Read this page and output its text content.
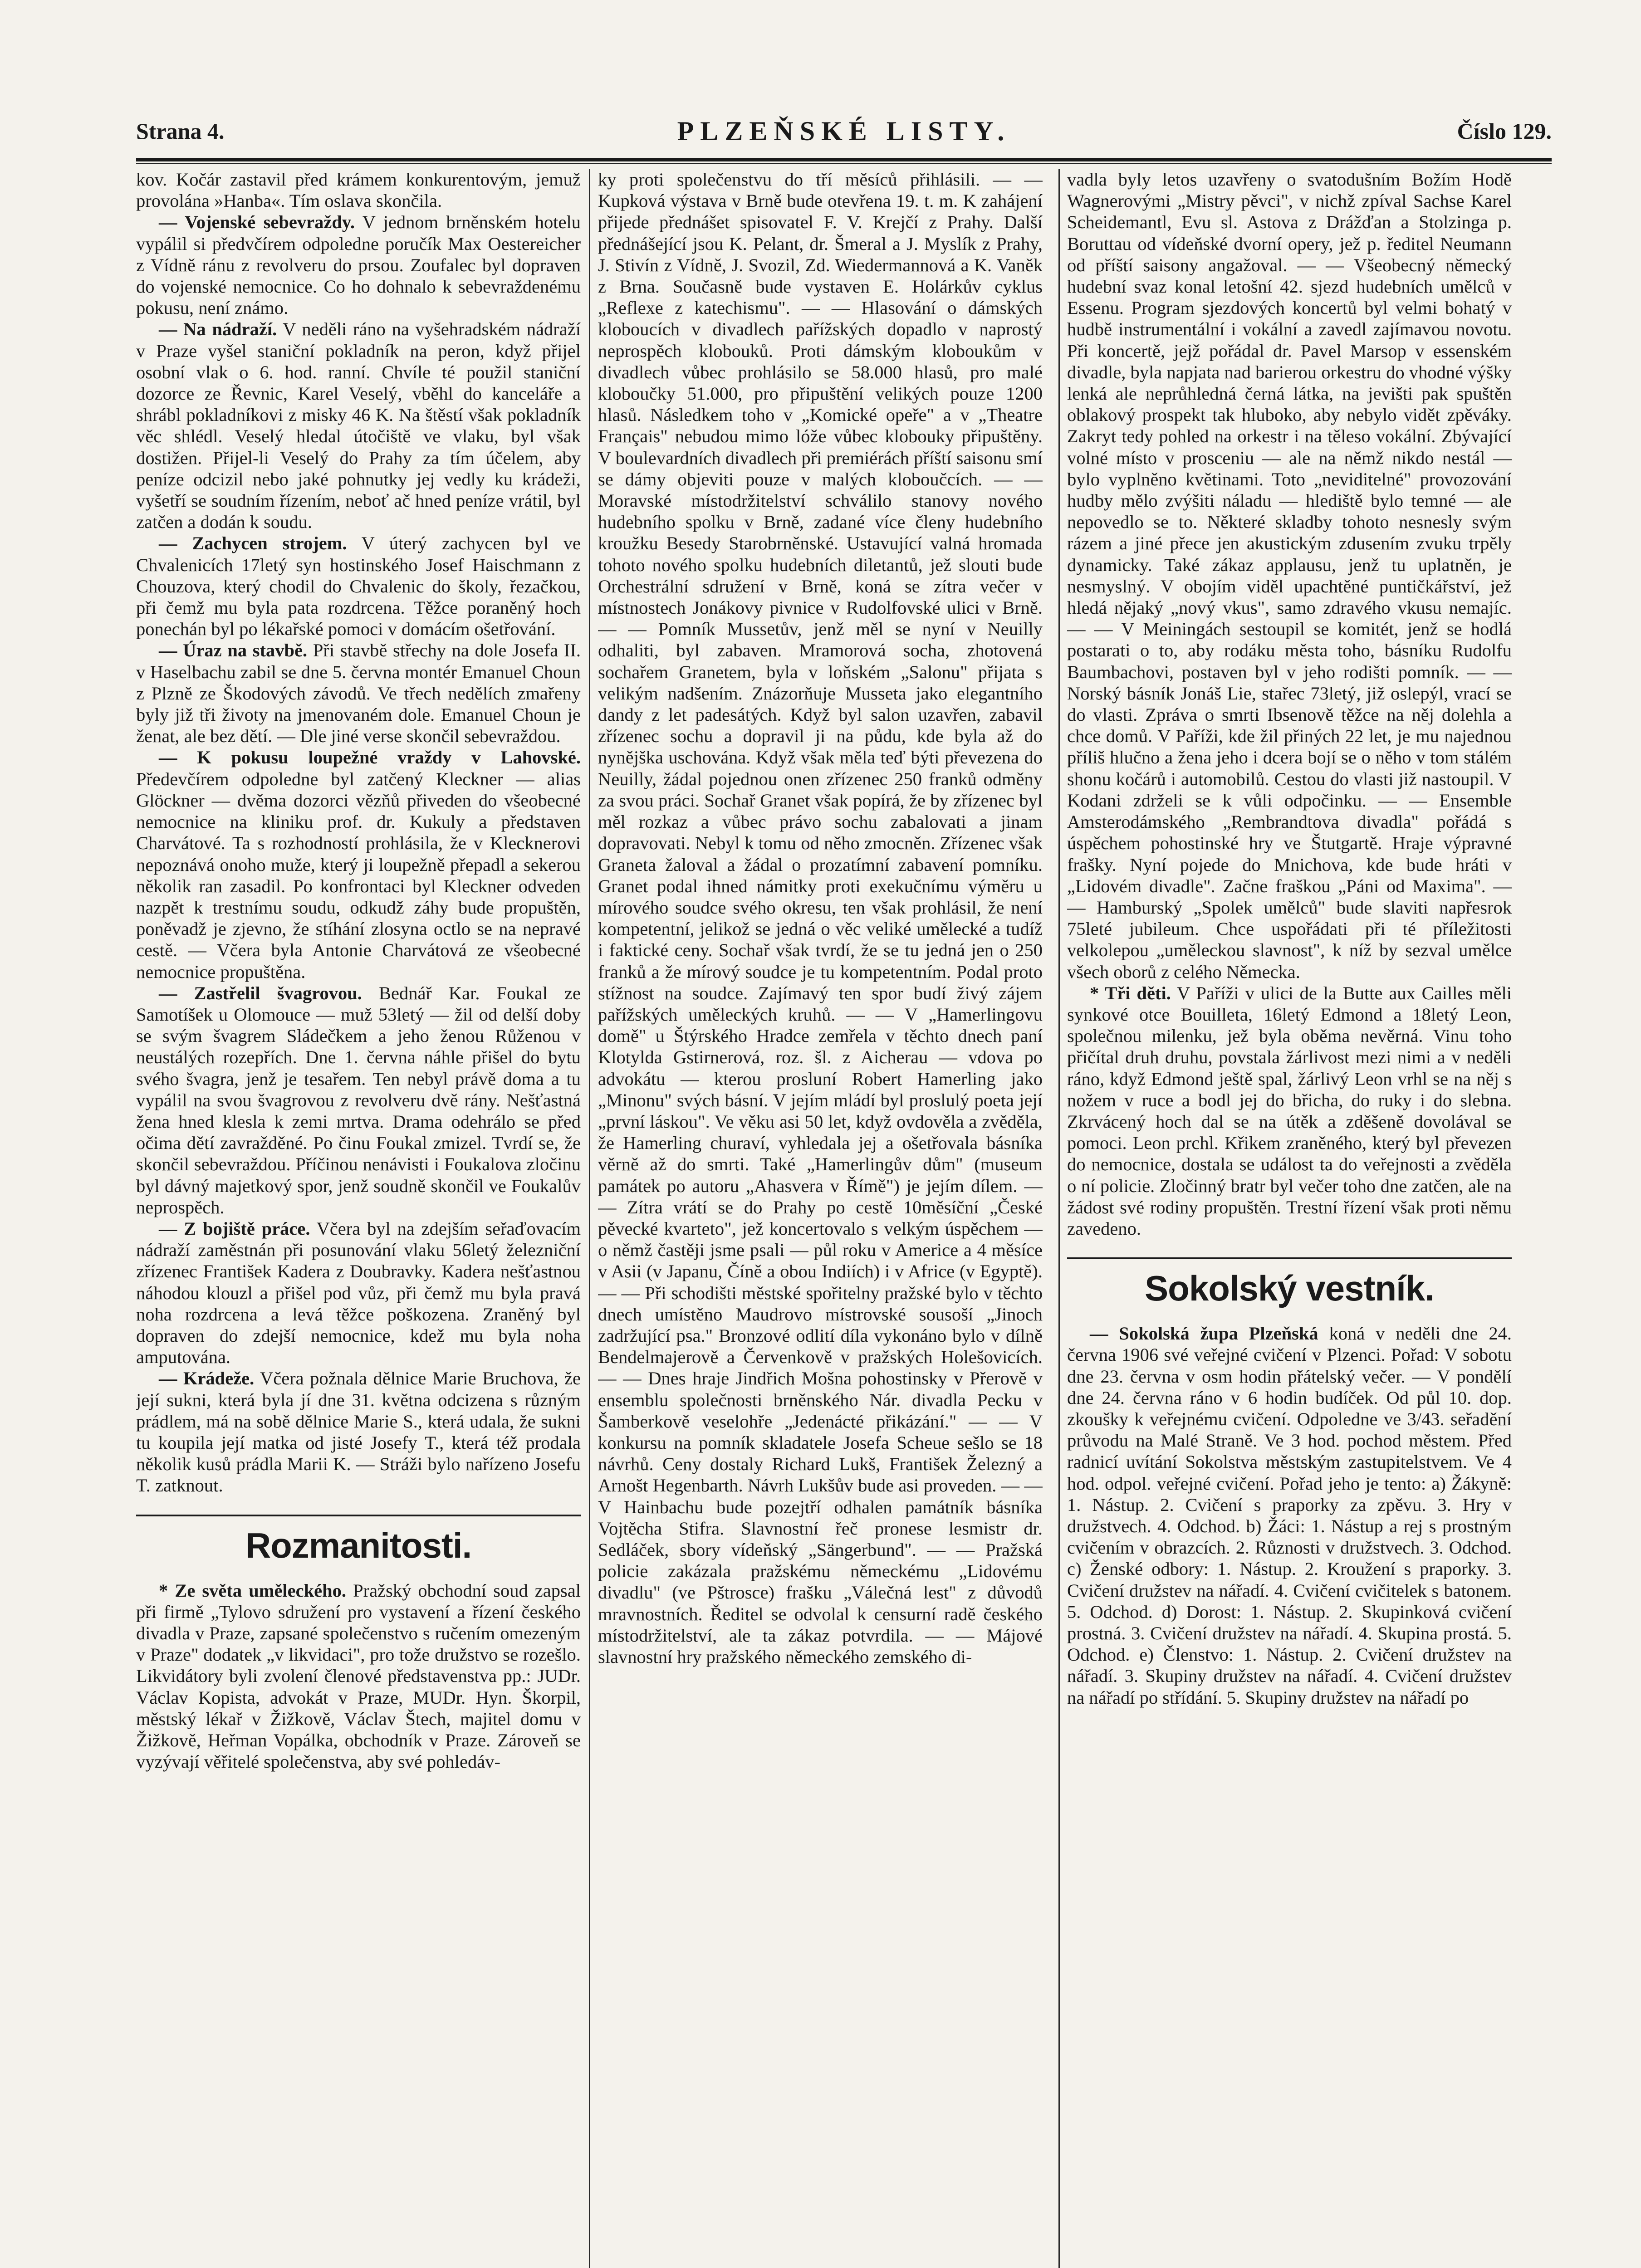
Strana 4.	PLZEŇSKÉ LISTY.	Číslo 129.

kov. Kočár zastavil před krámem konkurentovým, jemuž provolána »Hanba«. Tím oslava skončila.

— Vojenské sebevraždy. V jednom brněnském hotelu vypálil si předvčírem odpoledne poručík Max Oestereicher z Vídně ránu z revolveru do prsou. Zoufalec byl dopraven do vojenské nemocnice. Co ho dohnalo k sebevraždenému pokusu, není známo.

— Na nádraží. V neděli ráno na vyšehradském nádraží v Praze vyšel staniční pokladník na peron, když přijel osobní vlak o 6. hod. ranní. Chvíle té použil staniční dozorce ze Řevnic, Karel Veselý, vběhl do kanceláře a shrábl pokladníkovi z misky 46 K. Na štěstí však pokladník věc shlédl. Veselý hledal útočiště ve vlaku, byl však dostižen. Přijel-li Veselý do Prahy za tím účelem, aby peníze odcizil nebo jaké pohnutky jej vedly ku krádeži, vyšetří se soudním řízením, neboť ač hned peníze vrátil, byl zatčen a dodán k soudu.

— Zachycen strojem. V úterý zachycen byl ve Chvalenicích 17letý syn hostinského Josef Haischmann z Chouzova, který chodil do Chvalenic do školy, řezačkou, při čemž mu byla pata rozdrcena. Těžce poraněný hoch ponechán byl po lékařské pomoci v domácím ošetřování.

— Úraz na stavbě. Při stavbě střechy na dole Josefa II. v Haselbachu zabil se dne 5. června montér Emanuel Choun z Plzně ze Škodových závodů. Ve třech nedělích zmařeny byly již tři životy na jmenovaném dole. Emanuel Choun je ženat, ale bez dětí. — Dle jiné verse skončil sebevraždou.

— K pokusu loupežné vraždy v Lahovské. Předevčírem odpoledne byl zatčený Kleckner — alias Glöckner — dvěma dozorci vězňů přiveden do všeobecné nemocnice na kliniku prof. dr. Kukuly a představen Charvátové. Ta s rozhodností prohlásila, že v Klecknerovi nepoznává onoho muže, který ji loupežně přepadl a sekerou několik ran zasadil. Po konfrontaci byl Kleckner odveden nazpět k trestnímu soudu, odkudž záhy bude propuštěn, poněvadž je zjevno, že stíhání zlosyna octlo se na nepravé cestě. — Včera byla Antonie Charvátová ze všeobecné nemocnice propuštěna.

— Zastřelil švagrovou. Bednář Kar. Foukal ze Samotíšek u Olomouce — muž 53letý — žil od delší doby se svým švagrem Sládečkem a jeho ženou Růženou v neustálých rozepřích. Dne 1. června náhle přišel do bytu svého švagra, jenž je tesařem. Ten nebyl právě doma a tu vypálil na svou švagrovou z revolveru dvě rány. Nešťastná žena hned klesla k zemi mrtva. Drama odehrálo se před očima dětí zavražděné. Po činu Foukal zmizel. Tvrdí se, že skončil sebevraždou. Příčinou nenávisti i Foukalova zločinu byl dávný majetkový spor, jenž soudně skončil ve Foukalův neprospěch.

— Z bojiště práce. Včera byl na zdejším seřaďovacím nádraží zaměstnán při posunování vlaku 56letý železniční zřízenec František Kadera z Doubravky. Kadera nešťastnou náhodou klouzl a přišel pod vůz, při čemž mu byla pravá noha rozdrcena a levá těžce poškozena. Zraněný byl dopraven do zdejší nemocnice, kdež mu byla noha amputována.

— Krádeže. Včera požnala dělnice Marie Bruchova, že její sukni, která byla jí dne 31. května odcizena s různým prádlem, má na sobě dělnice Marie S., která udala, že sukni tu koupila její matka od jisté Josefy T., která též prodala několik kusů prádla Marii K. — Stráži bylo nařízeno Josefu T. zatknout.

Rozmanitosti.

* Ze světa uměleckého. Pražský obchodní soud zapsal při firmě „Tylovo sdružení pro vystavení a řízení českého divadla v Praze, zapsané společenstvo s ručením omezeným v Praze" dodatek „v likvidaci", pro tože družstvo se rozešlo. Likvidátory byli zvolení členové představenstva pp.: JUDr. Václav Kopista, advokát v Praze, MUDr. Hyn. Škorpil, městský lékař v Žižkově, Václav Štech, majitel domu v Žižkově, Heřman Vopálka, obchodník v Praze. Zároveň se vyzývají věřitelé společenstva, aby své pohledáv-

ky proti společenstvu do tří měsíců přihlásili. — — Kupková výstava v Brně bude otevřena 19. t. m. K zahájení přijede přednášet spisovatel F. V. Krejčí z Prahy. Další přednášející jsou K. Pelant, dr. Šmeral a J. Myslík z Prahy, J. Stivín z Vídně, J. Svozil, Zd. Wiedermannová a K. Vaněk z Brna. Současně bude vystaven E. Holárkův cyklus „Reflexe z katechismu". — — Hlasování o dámských kloboucích v divadlech pařížských dopadlo v naprostý neprospěch klobouků. Proti dámským kloboukům v divadlech vůbec prohlásilo se 58.000 hlasů, pro malé kloboučky 51.000, pro připuštění velikých pouze 1200 hlasů. Následkem toho v „Komické opeře" a v „Theatre Français" nebudou mimo lóže vůbec klobouky připuštěny. V boulevardních divadlech při premiérách příští saisonu smí se dámy objeviti pouze v malých kloboučcích. — — Moravské místodržitelství schválilo stanovy nového hudebního spolku v Brně, zadané více členy hudebního kroužku Besedy Starobrněnské. Ustavující valná hromada tohoto nového spolku hudebních diletantů, jež slouti bude Orchestrální sdružení v Brně, koná se zítra večer v místnostech Jonákovy pivnice v Rudolfovské ulici v Brně. — — Pomník Mussetův, jenž měl se nyní v Neuilly odhaliti, byl zabaven. Mramorová socha, zhotovená sochařem Granetem, byla v loňském „Salonu" přijata s velikým nadšením. Znázorňuje Musseta jako elegantního dandy z let padesátých. Když byl salon uzavřen, zabavil zřízenec sochu a dopravil ji na půdu, kde byla až do nynějška uschována. Když však měla teď býti převezena do Neuilly, žádal pojednou onen zřízenec 250 franků odměny za svou práci. Sochař Granet však popírá, že by zřízenec byl měl rozkaz a vůbec právo sochu zabalovati a jinam dopravovati. Nebyl k tomu od něho zmocněn. Zřízenec však Granetа žaloval a žádal o prozatímní zabavení pomníku. Granet podal ihned námitky proti exekučnímu výměru u mírového soudce svého okresu, ten však prohlásil, že není kompetentní, jelikož se jedná o věc veliké umělecké a tudíž i faktické ceny. Sochař však tvrdí, že se tu jedná jen o 250 franků a že mírový soudce je tu kompetentním. Podal proto stížnost na soudce. Zajímavý ten spor budí živý zájem pařížských uměleckých kruhů. — — V „Hamerlingovu domě" u Štýrského Hradce zemřela v těchto dnech paní Klotylda Gstirnerová, roz. šl. z Aicherau — vdova po advokátu — kterou prosluní Robert Hamerling jako „Minonu" svých básní. V jejím mládí byl proslulý poeta její „první láskou". Ve věku asi 50 let, když ovdověla a zvěděla, že Hamerling churaví, vyhledala jej a ošetřovala básníka věrně až do smrti. Také „Hamerlingův dům" (museum památek po autoru „Ahasvera v Římě") je jejím dílem. — — Zítra vrátí se do Prahy po cestě 10měsíční „České pěvecké kvarteto", jež koncertovalo s velkým úspěchem — o němž častěji jsme psali — půl roku v Americe a 4 měsíce v Asii (v Japanu, Číně a obou Indiích) i v Africe (v Egyptě). — — Při schodišti městské spořitelny pražské bylo v těchto dnech umístěno Maudrovo místrovské sousoší „Jinoch zadržující psa." Bronzové odlití díla vykonáno bylo v dílně Bendelmajerově a Červenkově v pražských Holešovicích. — — Dnes hraje Jindřich Mošna pohostinsky v Přerově v ensemblu společnosti brněnského Nár. divadla Pecku v Šamberkově veselohře „Jedenácté přikázání." — — V konkursu na pomník skladatele Josefa Scheue sešlo se 18 návrhů. Ceny dostaly Richard Lukš, František Železný a Arnošt Hegenbarth. Návrh Lukšův bude asi proveden. — — V Hainbachu bude pozejtří odhalen památník básníka Vojtěcha Stifra. Slavnostní řeč pronese lesmistr dr. Sedláček, sbory vídeňský „Sängerbund". — — Pražská policie zakázala pražskému německému „Lidovému divadlu" (ve Pštrosce) frašku „Válečná lest" z důvodů mravnostních. Ředitel se odvolal k censurní radě českého místodržitelství, ale ta zákaz potvrdila. — — Májové slavnostní hry pražského německého zemského di-

vadla byly letos uzavřeny o svatodušním Božím Hodě Wagnerovými „Mistry pěvci", v nichž zpíval Sachse Karel Scheidemantl, Evu sl. Astova z Drážďan a Stolzinga p. Boruttau od vídeňské dvorní opery, jež p. ředitel Neumann od příští saisony angažoval. — — Všeobecný německý hudební svaz konal letošní 42. sjezd hudebních umělců v Essenu. Program sjezdových koncertů byl velmi bohatý v hudbě instrumentální i vokální a zavedl zajímavou novotu. Při koncertě, jejž pořádal dr. Pavel Marsop v essenském divadle, byla napjata nad barierou orkestru do vhodné výšky lenká ale neprůhledná černá látka, na jevišti pak spuštěn oblakový prospekt tak hluboko, aby nebylo vidět zpěváky. Zakryt tedy pohled na orkestr i na těleso vokální. Zbývající volné místo v prosceniu — ale na němž nikdo nestál — bylo vyplněno květinami. Toto „neviditelné" provozování hudby mělo zvýšiti náladu — hlediště bylo temné — ale nepovedlo se to. Některé skladby tohoto nesnesly svým rázem a jiné přece jen akustickým zdusením zvuku trpěly dynamicky. Také zákaz applausu, jenž tu uplatněn, je nesmyslný. V obojím viděl upachtěné puntičkářství, jež hledá nějaký „nový vkus", samo zdravého vkusu nemajíc. — — V Meiningách sestoupil se komitét, jenž se hodlá postarati o to, aby rodáku města toho, básníku Rudolfu Baumbachovi, postaven byl v jeho rodišti pomník. — — Norský básník Jonáš Lie, stařec 73letý, již oslepýl, vrací se do vlasti. Zpráva o smrti Ibsenově těžce na něj dolehla a chce domů. V Paříži, kde žil přiných 22 let, je mu najednou příliš hlučno a žena jeho i dcera bojí se o něho v tom stálém shonu kočárů i automobilů. Cestou do vlasti již nastoupil. V Kodani zdrželi se k vůli odpočinku. — — Ensemble Amsterodámského „Rembrandtova divadla" pořádá s úspěchem pohostinské hry ve Štutgartě. Hraje výpravné frašky. Nyní pojede do Mnichova, kde bude hráti v „Lidovém divadle". Začne fraškou „Páni od Maxima". — — Hamburský „Spolek umělců" bude slaviti napřesrok 75leté jubileum. Chce uspořádati při té příležitosti velkolepou „uměleckou slavnost", k níž by sezval umělce všech oborů z celého Německa.

* Tři děti. V Paříži v ulici de la Butte aux Cailles měli synkové otce Bouilleta, 16letý Edmond a 18letý Leon, společnou milenku, jež byla oběma nevěrná. Vinu toho přičítal druh druhu, povstala žárlivost mezi nimi a v neděli ráno, když Edmond ještě spal, žárlivý Leon vrhl se na něj s nožem v ruce a bodl jej do břicha, do ruky i do slebna. Zkrvácený hoch dal se na útěk a zděšeně dovolával se pomoci. Leon prchl. Křikem zraněného, který byl převezen do nemocnice, dostala se událost ta do veřejnosti a zvěděla o ní policie. Zločinný bratr byl večer toho dne zatčen, ale na žádost své rodiny propuštěn. Trestní řízení však proti němu zavedeno.

Sokolský vestník.

— Sokolská župa Plzeňská koná v neděli dne 24. června 1906 své veřejné cvičení v Plzenci. Pořad: V sobotu dne 23. června v osm hodin přátelský večer. — V pondělí dne 24. června ráno v 6 hodin budíček. Od půl 10. dop. zkoušky k veřejnému cvičení. Odpoledne ve 3/43. seřadění průvodu na Malé Straně. Ve 3 hod. pochod městem. Před radnicí uvítání Sokolstva městským zastupitelstvem. Ve 4 hod. odpol. veřejné cvičení. Pořad jeho je tento: a) Žákyně: 1. Nástup. 2. Cvičení s praporky za zpěvu. 3. Hry v družstvech. 4. Odchod. b) Žáci: 1. Nástup a rej s prostným cvičením v obrazcích. 2. Různosti v družstvech. 3. Odchod. c) Ženské odbory: 1. Nástup. 2. Kroužení s praporky. 3. Cvičení družstev na nářadí. 4. Cvičení cvičitelek s batonem. 5. Odchod. d) Dorost: 1. Nástup. 2. Skupinková cvičení prostná. 3. Cvičení družstev na nářadí. 4. Skupina prostá. 5. Odchod. e) Členstvo: 1. Nástup. 2. Cvičení družstev na nářadí. 3. Skupiny družstev na nářadí. 4. Cvičení družstev na nářadí po střídání. 5. Skupiny družstev na nářadí po
